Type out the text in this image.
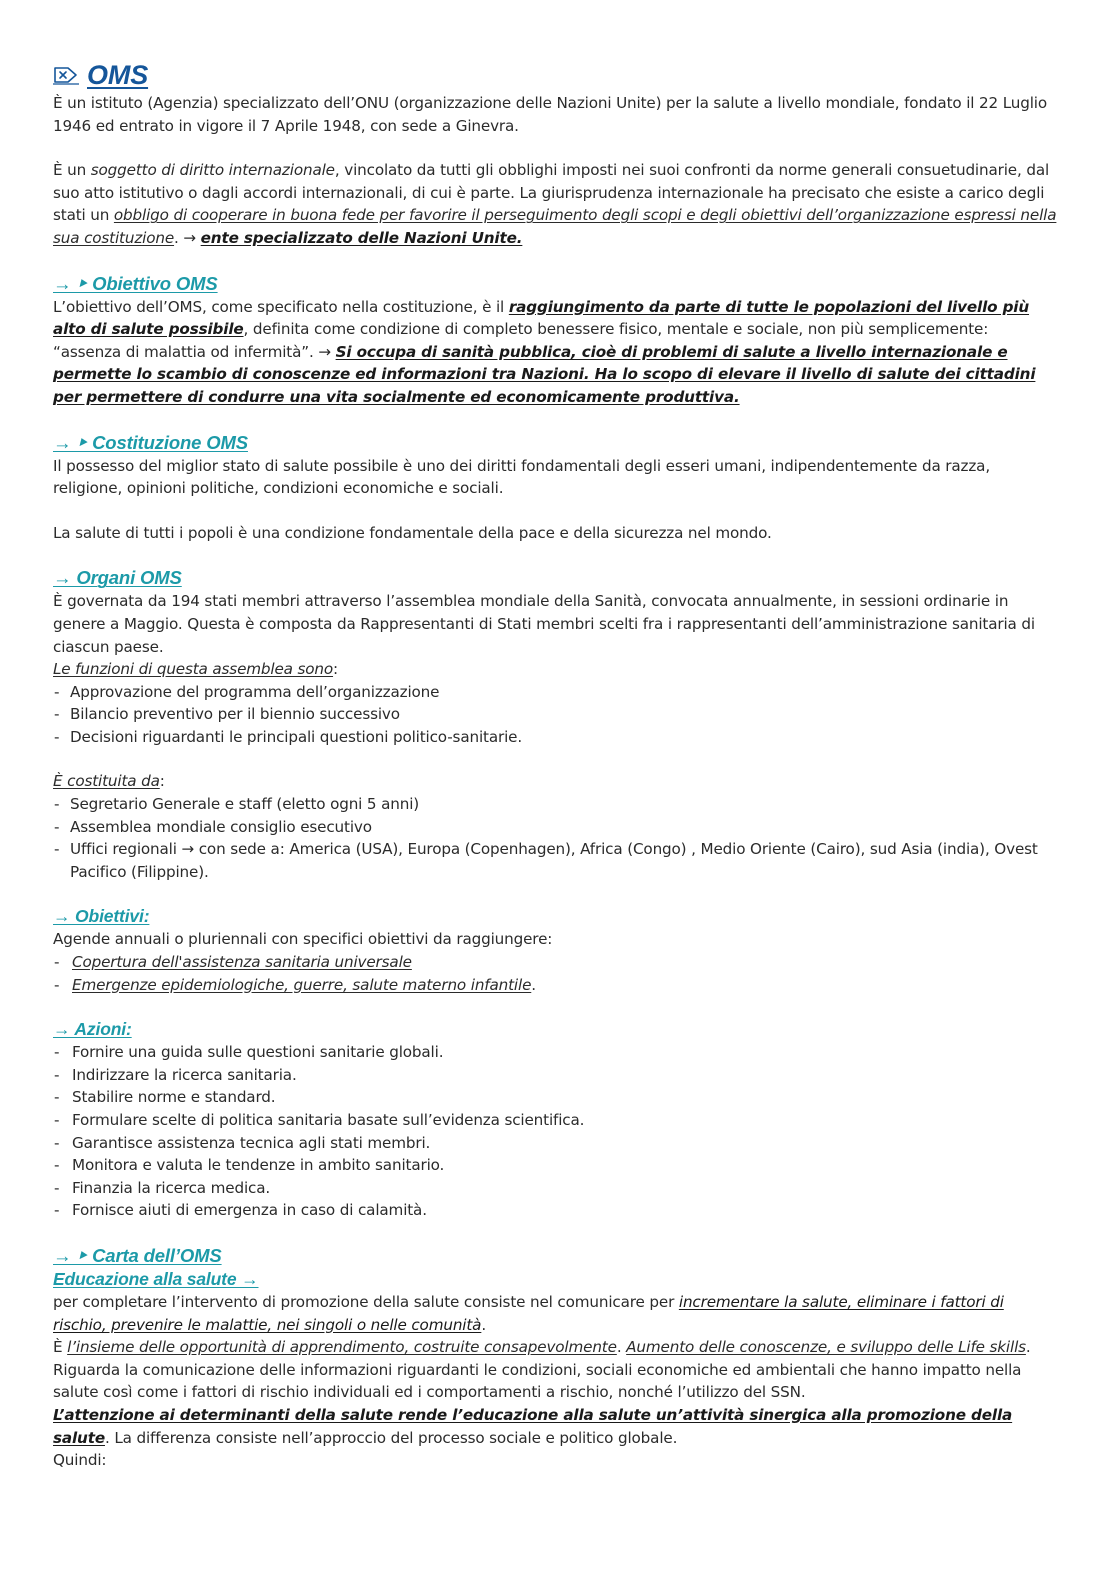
OMS

È un istituto (Agenzia) specializzato dell’ONU (organizzazione delle Nazioni Unite) per la salute a livello mondiale, fondato il 22 Luglio 1946 ed entrato in vigore il 7 Aprile 1948, con sede a Ginevra.

È un soggetto di diritto internazionale, vincolato da tutti gli obblighi imposti nei suoi confronti da norme generali consuetudinarie, dal suo atto istitutivo o dagli accordi internazionali, di cui è parte. La giurisprudenza internazionale ha precisato che esiste a carico degli stati un obbligo di cooperare in buona fede per favorire il perseguimento degli scopi e degli obiettivi dell’organizzazione espressi nella sua costituzione. → ente specializzato delle Nazioni Unite.

→ ‣ Obiettivo OMS

L’obiettivo dell’OMS, come specificato nella costituzione, è il raggiungimento da parte di tutte le popolazioni del livello più alto di salute possibile, definita come condizione di completo benessere fisico, mentale e sociale, non più semplicemente: “assenza di malattia od infermità”. → Si occupa di sanità pubblica, cioè di problemi di salute a livello internazionale e permette lo scambio di conoscenze ed informazioni tra Nazioni. Ha lo scopo di elevare il livello di salute dei cittadini per permettere di condurre una vita socialmente ed economicamente produttiva.

→ ‣ Costituzione OMS

Il possesso del miglior stato di salute possibile è uno dei diritti fondamentali degli esseri umani, indipendentemente da razza, religione, opinioni politiche, condizioni economiche e sociali.

La salute di tutti i popoli è una condizione fondamentale della pace e della sicurezza nel mondo.

→ Organi OMS

È governata da 194 stati membri attraverso l’assemblea mondiale della Sanità, convocata annualmente, in sessioni ordinarie in genere a Maggio. Questa è composta da Rappresentanti di Stati membri scelti fra i rappresentanti dell’amministrazione sanitaria di ciascun paese.

Le funzioni di questa assemblea sono:

- Approvazione del programma dell’organizzazione
- Bilancio preventivo per il biennio successivo
- Decisioni riguardanti le principali questioni politico-sanitarie.

È costituita da:

- Segretario Generale e staff (eletto ogni 5 anni)
- Assemblea mondiale consiglio esecutivo
- Uffici regionali → con sede a: America (USA), Europa (Copenhagen), Africa (Congo) , Medio Oriente (Cairo), sud Asia (india), Ovest Pacifico (Filippine).
→ Obiettivi:

Agende annuali o pluriennali con specifici obiettivi da raggiungere:

- Copertura dell'assistenza sanitaria universale
- Emergenze epidemiologiche, guerre, salute materno infantile.
→ Azioni:
- Fornire una guida sulle questioni sanitarie globali.
- Indirizzare la ricerca sanitaria.
- Stabilire norme e standard.
- Formulare scelte di politica sanitaria basate sull’evidenza scientifica.
- Garantisce assistenza tecnica agli stati membri.
- Monitora e valuta le tendenze in ambito sanitario.
- Finanzia la ricerca medica.
- Fornisce aiuti di emergenza in caso di calamità.
→ ‣ Carta dell’OMS
Educazione alla salute →

per completare l’intervento di promozione della salute consiste nel comunicare per incrementare la salute, eliminare i fattori di rischio, prevenire le malattie, nei singoli o nelle comunità.

È l’insieme delle opportunità di apprendimento, costruite consapevolmente. Aumento delle conoscenze, e sviluppo delle Life skills.

Riguarda la comunicazione delle informazioni riguardanti le condizioni, sociali economiche ed ambientali che hanno impatto nella salute così come i fattori di rischio individuali ed i comportamenti a rischio, nonché l’utilizzo del SSN.

L’attenzione ai determinanti della salute rende l’educazione alla salute un’attività sinergica alla promozione della salute. La differenza consiste nell’approccio del processo sociale e politico globale.

Quindi:
